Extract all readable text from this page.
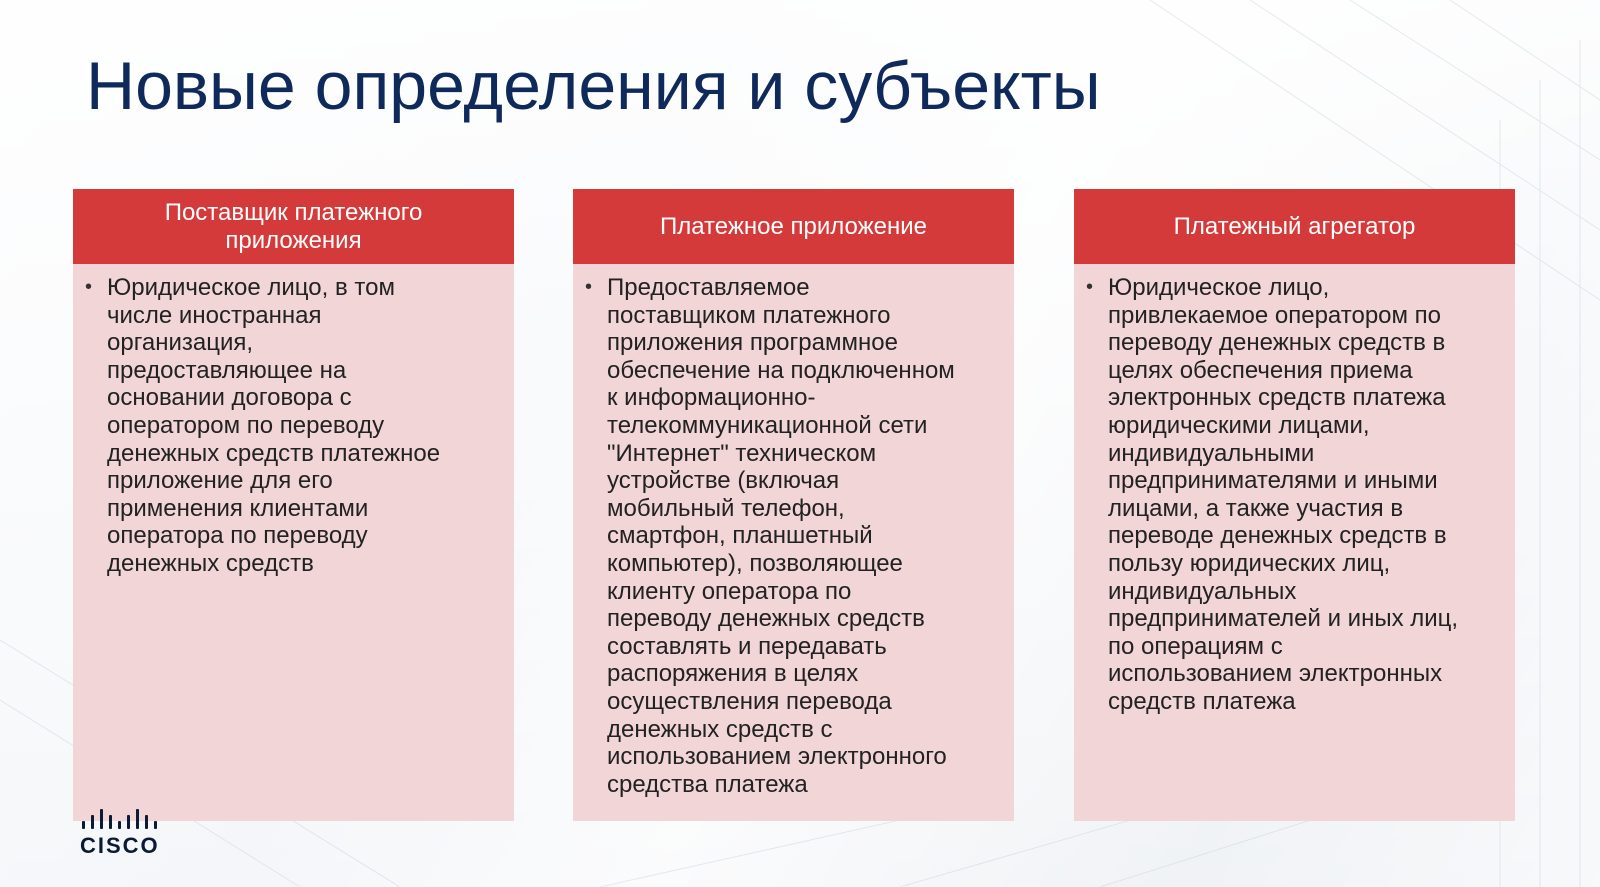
Новые определения и субъекты
Поставщик платежного приложения
• Юридическое лицо, в том
числе иностранная
организация,
предоставляющее на
основании договора с
оператором по переводу
денежных средств платежное
приложение для его
применения клиентами
оператора по переводу
денежных средств
Платежное приложение
• Предоставляемое
поставщиком платежного
приложения программное
обеспечение на подключенном
к информационно-
телекоммуникационной сети
"Интернет" техническом
устройстве (включая
мобильный телефон,
смартфон, планшетный
компьютер), позволяющее
клиенту оператора по
переводу денежных средств
составлять и передавать
распоряжения в целях
осуществления перевода
денежных средств с
использованием электронного
средства платежа
Платежный агрегатор
• Юридическое лицо,
привлекаемое оператором по
переводу денежных средств в
целях обеспечения приема
электронных средств платежа
юридическими лицами,
индивидуальными
предпринимателями и иными
лицами, а также участия в
переводе денежных средств в
пользу юридических лиц,
индивидуальных
предпринимателей и иных лиц,
по операциям с
использованием электронных
средств платежа
CISCO
